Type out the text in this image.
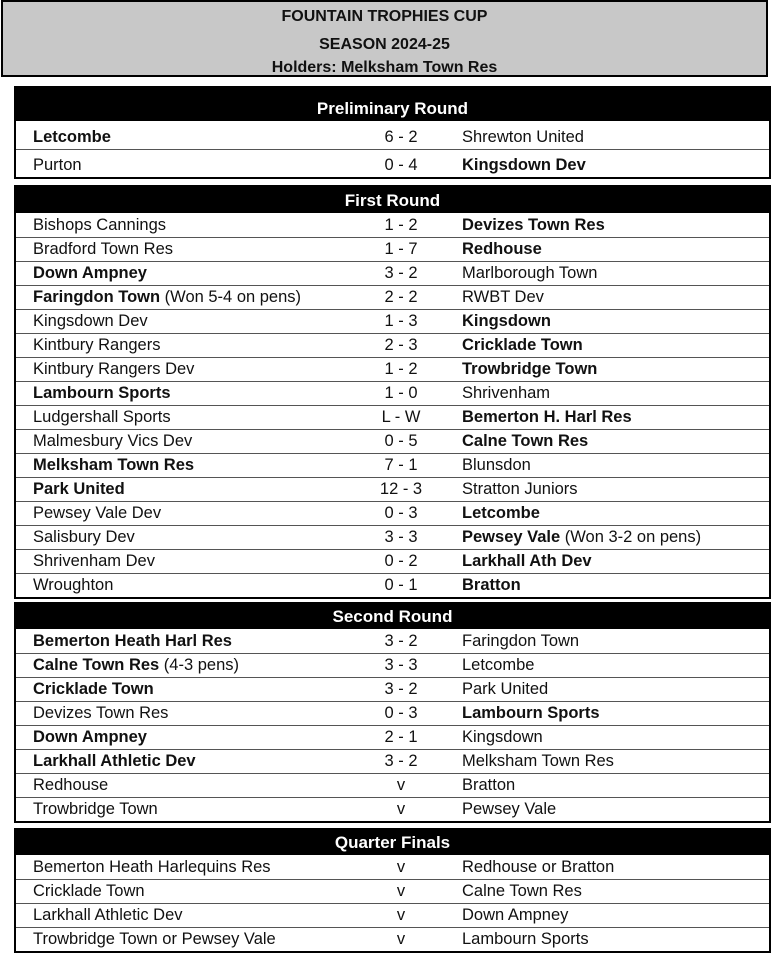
FOUNTAIN TROPHIES CUP
SEASON 2024-25
Holders: Melksham Town Res
Preliminary Round
Letcombe	6 - 2	Shrewton United
Purton	0 - 4	Kingsdown Dev
First Round
Bishops Cannings	1 - 2	Devizes Town Res
Bradford Town Res	1 - 7	Redhouse
Down Ampney	3 - 2	Marlborough Town
Faringdon Town (Won 5-4 on pens)	2 - 2	RWBT Dev
Kingsdown Dev	1 - 3	Kingsdown
Kintbury Rangers	2 - 3	Cricklade Town
Kintbury Rangers Dev	1 - 2	Trowbridge Town
Lambourn Sports	1 - 0	Shrivenham
Ludgershall Sports	L - W	Bemerton H. Harl Res
Malmesbury Vics Dev	0 - 5	Calne Town Res
Melksham Town Res	7 - 1	Blunsdon
Park United	12 - 3	Stratton Juniors
Pewsey Vale Dev	0 - 3	Letcombe
Salisbury Dev	3 - 3	Pewsey Vale (Won 3-2 on pens)
Shrivenham Dev	0 - 2	Larkhall Ath Dev
Wroughton	0 - 1	Bratton
Second Round
Bemerton Heath Harl Res	3 - 2	Faringdon Town
Calne Town Res (4-3 pens)	3 - 3	Letcombe
Cricklade Town	3 - 2	Park United
Devizes Town Res	0 - 3	Lambourn Sports
Down Ampney	2 - 1	Kingsdown
Larkhall Athletic Dev	3 - 2	Melksham Town Res
Redhouse	v	Bratton
Trowbridge Town	v	Pewsey Vale
Quarter Finals
Bemerton Heath Harlequins Res	v	Redhouse or Bratton
Cricklade Town	v	Calne Town Res
Larkhall Athletic Dev	v	Down Ampney
Trowbridge Town or Pewsey Vale	v	Lambourn Sports
